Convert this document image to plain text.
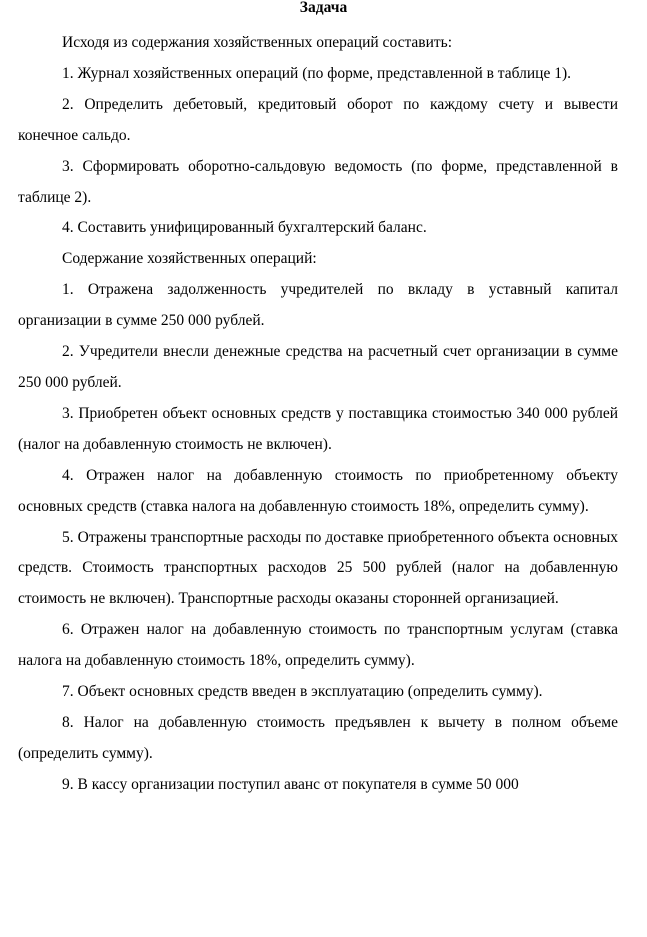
Задача

Исходя из содержания хозяйственных операций составить:

1. Журнал хозяйственных операций (по форме, представленной в таблице 1).

2. Определить дебетовый, кредитовый оборот по каждому счету и вывести конечное сальдо.

3. Сформировать оборотно-сальдовую ведомость (по форме, представленной в таблице 2).

4. Составить унифицированный бухгалтерский баланс.

Содержание хозяйственных операций:

1. Отражена задолженность учредителей по вкладу в уставный капитал организации в сумме 250 000 рублей.

2. Учредители внесли денежные средства на расчетный счет организации в сумме 250 000 рублей.

3. Приобретен объект основных средств у поставщика стоимостью 340 000 рублей (налог на добавленную стоимость не включен).

4. Отражен налог на добавленную стоимость по приобретенному объекту основных средств (ставка налога на добавленную стоимость 18%, определить сумму).

5. Отражены транспортные расходы по доставке приобретенного объекта основных средств. Стоимость транспортных расходов 25 500 рублей (налог на добавленную стоимость не включен). Транспортные расходы оказаны сторонней организацией.

6. Отражен налог на добавленную стоимость по транспортным услугам (ставка налога на добавленную стоимость 18%, определить сумму).

7. Объект основных средств введен в эксплуатацию (определить сумму).

8. Налог на добавленную стоимость предъявлен к вычету в полном объеме (определить сумму).

9. В кассу организации поступил аванс от покупателя в сумме 50 000
